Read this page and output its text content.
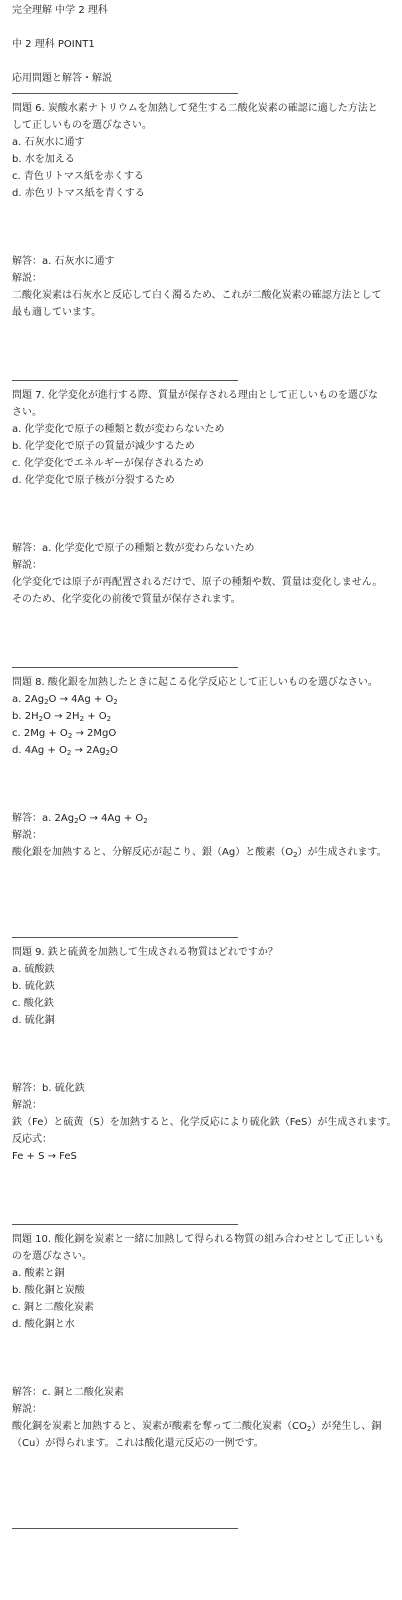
完全理解 中学 2 理科
中 2 理科 POINT1
応用問題と解答・解説
問題 6. 炭酸水素ナトリウムを加熱して発生する二酸化炭素の確認に適した方法と
して正しいものを選びなさい。
a. 石灰水に通す
b. 水を加える
c. 青色リトマス紙を赤くする
d. 赤色リトマス紙を青くする
解答：a. 石灰水に通す
解説：
二酸化炭素は石灰水と反応して白く濁るため、これが二酸化炭素の確認方法として
最も適しています。
問題 7. 化学変化が進行する際、質量が保存される理由として正しいものを選びな
さい。
a. 化学変化で原子の種類と数が変わらないため
b. 化学変化で原子の質量が減少するため
c. 化学変化でエネルギーが保存されるため
d. 化学変化で原子核が分裂するため
解答：a. 化学変化で原子の種類と数が変わらないため
解説：
化学変化では原子が再配置されるだけで、原子の種類や数、質量は変化しません。
そのため、化学変化の前後で質量が保存されます。
問題 8. 酸化銀を加熱したときに起こる化学反応として正しいものを選びなさい。
a. $2Ag_2O \to 4Ag + O_2$
b. $2H_2O \to 2H_2 + O_2$
c. $2Mg + O_2 \to 2MgO$
d. $4Ag + O_2 \to 2Ag_2O$
解答：a. $2Ag_2O \to 4Ag + O_2$
解説：
酸化銀を加熱すると、分解反応が起こり、銀（Ag）と酸素$(O_2)$が生成されます。
問題 9. 鉄と硫黄を加熱して生成される物質はどれですか？
a. 硫酸鉄
b. 硫化鉄
c. 酸化鉄
d. 硫化銅
解答：b. 硫化鉄
解説：
鉄（Fe）と硫黄（S）を加熱すると、化学反応により硫化鉄（FeS）が生成されます。
反応式：
Fe + S → FeS
問題 10. 酸化銅を炭素と一緒に加熱して得られる物質の組み合わせとして正しいも
のを選びなさい。
a. 酸素と銅
b. 酸化銅と炭酸
c. 銅と二酸化炭素
d. 酸化銅と水
解答：c. 銅と二酸化炭素
解説：
酸化銅を炭素と加熱すると、炭素が酸素を奪って二酸化炭素$(CO_2)$が発生し、銅
（Cu）が得られます。これは酸化還元反応の一例です。
